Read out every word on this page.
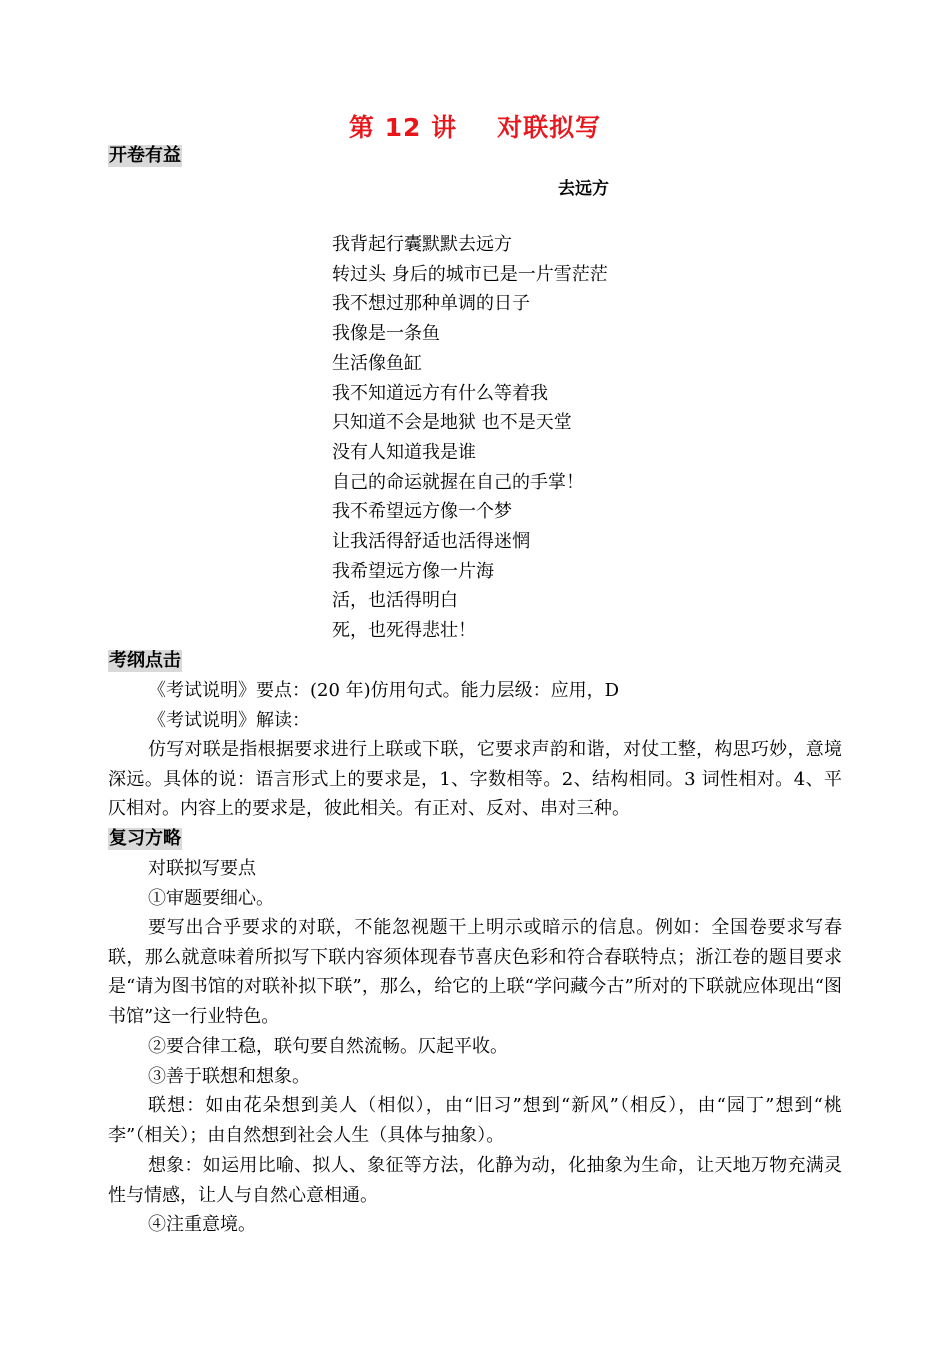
第 12 讲 对联拟写
开卷有益
去远方
我背起行囊默默去远方
转过头 身后的城市已是一片雪茫茫
我不想过那种单调的日子
我像是一条鱼
生活像鱼缸
我不知道远方有什么等着我
只知道不会是地狱 也不是天堂
没有人知道我是谁
自己的命运就握在自己的手掌！
我不希望远方像一个梦
让我活得舒适也活得迷惘
我希望远方像一片海
活，也活得明白
死，也死得悲壮！
考纲点击
《考试说明》要点：(20 年)仿用句式。能力层级：应用，D
《考试说明》解读：

仿写对联是指根据要求进行上联或下联，它要求声韵和谐，对仗工整，构思巧妙，意境深远。具体的说：语言形式上的要求是，1、字数相等。2、结构相同。3 词性相对。4、平仄相对。内容上的要求是，彼此相关。有正对、反对、串对三种。

复习方略
对联拟写要点
①审题要细心。

要写出合乎要求的对联，不能忽视题干上明示或暗示的信息。例如：全国卷要求写春联，那么就意味着所拟写下联内容须体现春节喜庆色彩和符合春联特点；浙江卷的题目要求是“请为图书馆的对联补拟下联”，那么，给它的上联“学问藏今古”所对的下联就应体现出“图书馆”这一行业特色。

②要合律工稳，联句要自然流畅。仄起平收。
③善于联想和想象。

联想：如由花朵想到美人（相似），由“旧习”想到“新风”（相反），由“园丁”想到“桃李”（相关）；由自然想到社会人生（具体与抽象）。

想象：如运用比喻、拟人、象征等方法，化静为动，化抽象为生命，让天地万物充满灵性与情感，让人与自然心意相通。

④注重意境。
